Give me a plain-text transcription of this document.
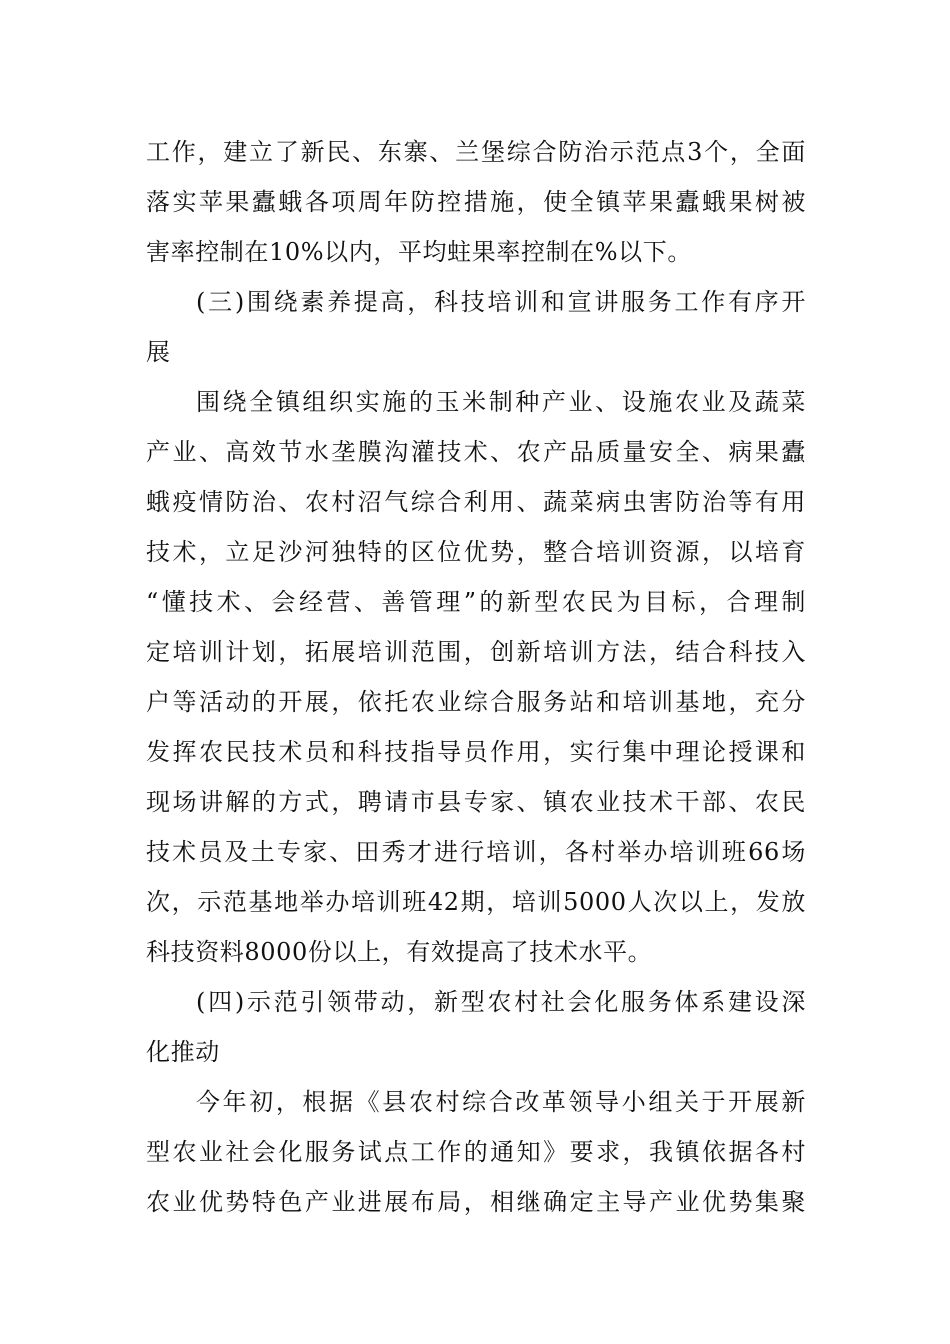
工作，建立了新民、东寨、兰堡综合防治示范点3个，全面
落实苹果蠹蛾各项周年防控措施，使全镇苹果蠹蛾果树被
害率控制在10%以内，平均蛀果率控制在%以下。
(三)围绕素养提高，科技培训和宣讲服务工作有序开
展
围绕全镇组织实施的玉米制种产业、设施农业及蔬菜
产业、高效节水垄膜沟灌技术、农产品质量安全、病果蠹
蛾疫情防治、农村沼气综合利用、蔬菜病虫害防治等有用
技术，立足沙河独特的区位优势，整合培训资源，以培育
“懂技术、会经营、善管理”的新型农民为目标，合理制
定培训计划，拓展培训范围，创新培训方法，结合科技入
户等活动的开展，依托农业综合服务站和培训基地，充分
发挥农民技术员和科技指导员作用，实行集中理论授课和
现场讲解的方式，聘请市县专家、镇农业技术干部、农民
技术员及土专家、田秀才进行培训，各村举办培训班66场
次，示范基地举办培训班42期，培训5000人次以上，发放
科技资料8000份以上，有效提高了技术水平。
(四)示范引领带动，新型农村社会化服务体系建设深
化推动
今年初，根据《县农村综合改革领导小组关于开展新
型农业社会化服务试点工作的通知》要求，我镇依据各村
农业优势特色产业进展布局，相继确定主导产业优势集聚
